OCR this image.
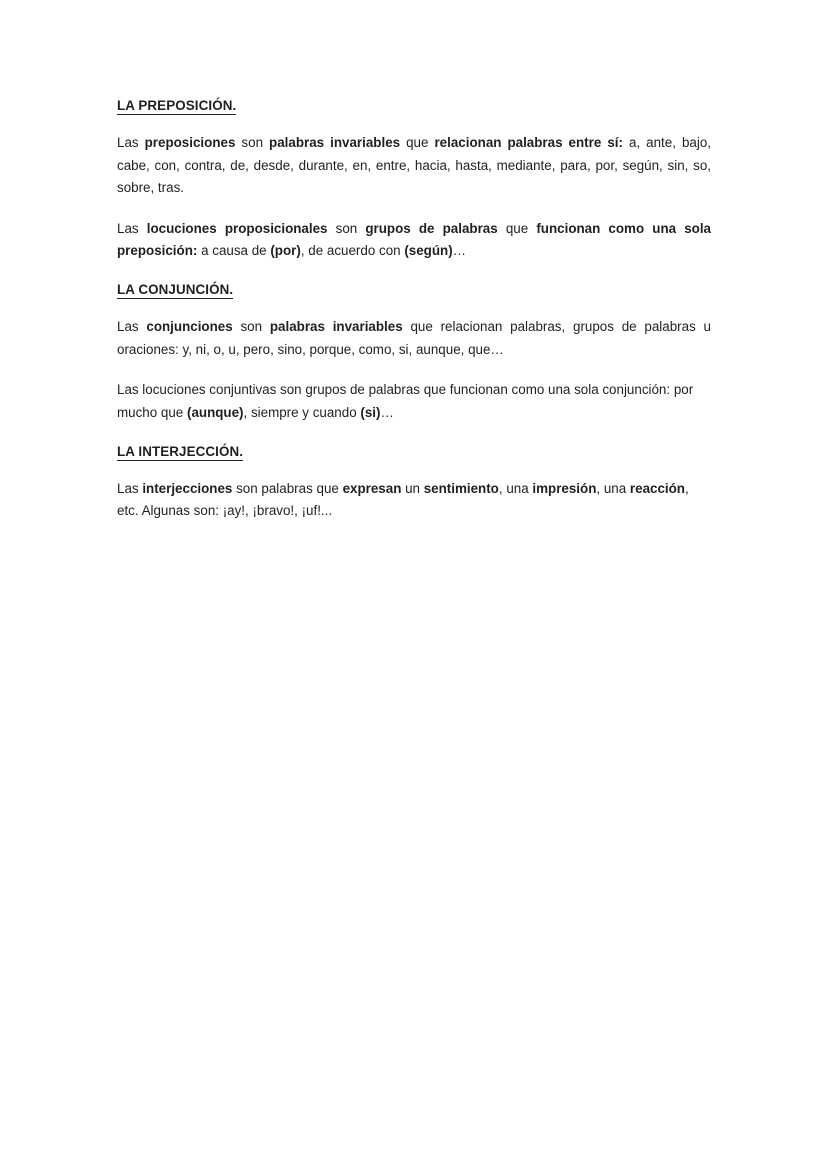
LA PREPOSICIÓN.

Las preposiciones son palabras invariables que relacionan palabras entre sí: a, ante, bajo, cabe, con, contra, de, desde, durante, en, entre, hacia, hasta, mediante, para, por, según, sin, so, sobre, tras.

Las locuciones proposicionales son grupos de palabras que funcionan como una sola preposición: a causa de (por), de acuerdo con (según)…

LA CONJUNCIÓN.

Las conjunciones son palabras invariables que relacionan palabras, grupos de palabras u oraciones: y, ni, o, u, pero, sino, porque, como, si, aunque, que…

Las locuciones conjuntivas son grupos de palabras que funcionan como una sola conjunción: por mucho que (aunque), siempre y cuando (si)…

LA INTERJECCIÓN.

Las interjecciones son palabras que expresan un sentimiento, una impresión, una reacción, etc. Algunas son: ¡ay!, ¡bravo!, ¡uf!...
